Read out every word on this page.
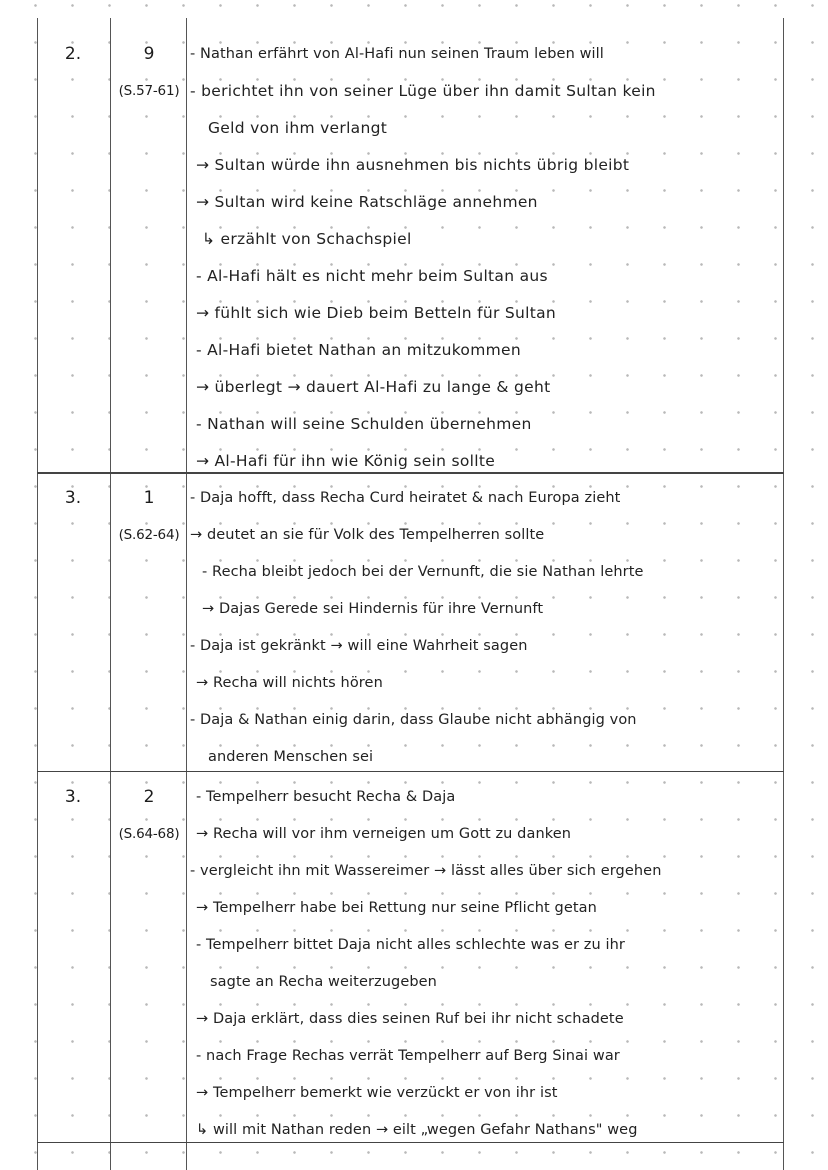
2.	9
(S.57-61)
- Nathan erfährt von Al-Hafi nun seinen Traum leben will
- berichtet ihn von seiner Lüge über ihn damit Sultan kein
Geld von ihm verlangt
→ Sultan würde ihn ausnehmen bis nichts übrig bleibt
→ Sultan wird keine Ratschläge annehmen
↳ erzählt von Schachspiel
- Al-Hafi hält es nicht mehr beim Sultan aus
→ fühlt sich wie Dieb beim Betteln für Sultan
- Al-Hafi bietet Nathan an mitzukommen
→ überlegt → dauert Al-Hafi zu lange & geht
- Nathan will seine Schulden übernehmen
→ Al-Hafi für ihn wie König sein sollte
3.	1
(S.62-64)
- Daja hofft, dass Recha Curd heiratet & nach Europa zieht
→ deutet an sie für Volk des Tempelherren sollte
- Recha bleibt jedoch bei der Vernunft, die sie Nathan lehrte
→ Dajas Gerede sei Hindernis für ihre Vernunft
- Daja ist gekränkt → will eine Wahrheit sagen
→ Recha will nichts hören
- Daja & Nathan einig darin, dass Glaube nicht abhängig von
anderen Menschen sei
3.	2
(S.64-68)
- Tempelherr besucht Recha & Daja
→ Recha will vor ihm verneigen um Gott zu danken
- vergleicht ihn mit Wassereimer → lässt alles über sich ergehen
→ Tempelherr habe bei Rettung nur seine Pflicht getan
- Tempelherr bittet Daja nicht alles schlechte was er zu ihr
sagte an Recha weiterzugeben
→ Daja erklärt, dass dies seinen Ruf bei ihr nicht schadete
- nach Frage Rechas verrät Tempelherr auf Berg Sinai war
→ Tempelherr bemerkt wie verzückt er von ihr ist
↳ will mit Nathan reden → eilt „wegen Gefahr Nathans" weg
